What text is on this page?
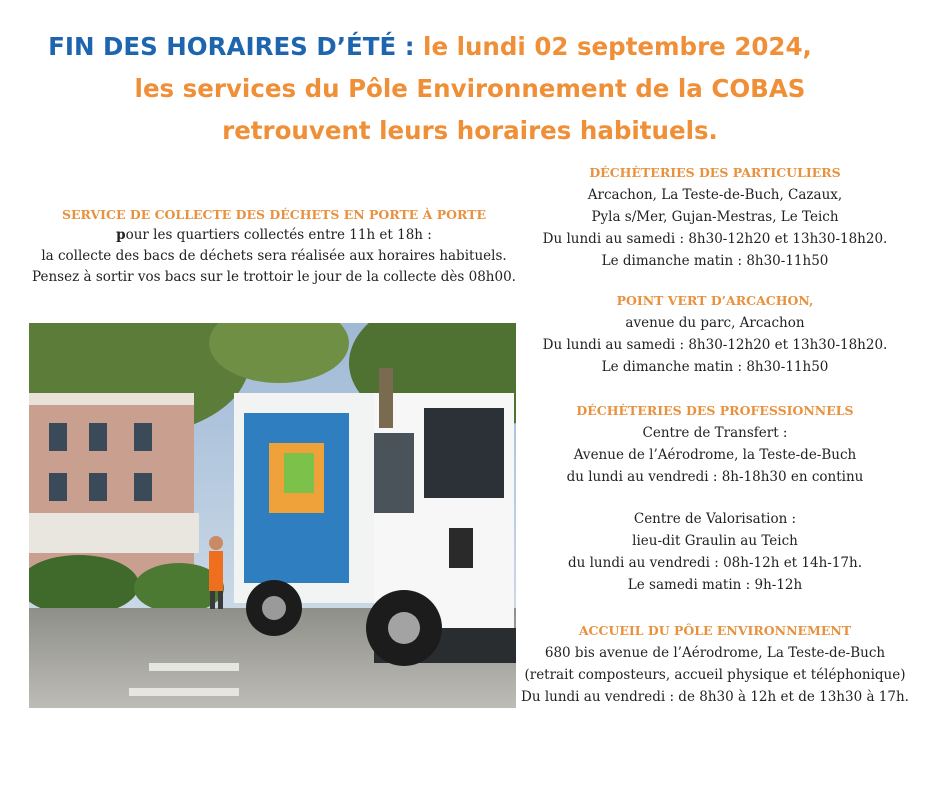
FIN DES HORAIRES D’ÉTÉ : le lundi 02 septembre 2024,
les services du Pôle Environnement de la COBAS
retrouvent leurs horaires habituels.
SERVICE DE COLLECTE DES DÉCHETS EN PORTE À PORTE
pour les quartiers collectés entre 11h et 18h :
la collecte des bacs de déchets sera réalisée aux horaires habituels.
Pensez à sortir vos bacs sur le trottoir le jour de la collecte dès 08h00.
DÉCHÈTERIES DES PARTICULIERS
Arcachon, La Teste-de-Buch, Cazaux,
Pyla s/Mer, Gujan-Mestras, Le Teich
Du lundi au samedi : 8h30-12h20 et 13h30-18h20.
Le dimanche matin : 8h30-11h50
POINT VERT D’ARCACHON,
avenue du parc, Arcachon
Du lundi au samedi : 8h30-12h20 et 13h30-18h20.
Le dimanche matin : 8h30-11h50
DÉCHÈTERIES DES PROFESSIONNELS
Centre de Transfert :
Avenue de l’Aérodrome, la Teste-de-Buch
du lundi au vendredi : 8h-18h30 en continu
Centre de Valorisation :
lieu-dit Graulin au Teich
du lundi au vendredi : 08h-12h et 14h-17h.
Le samedi matin : 9h-12h
ACCUEIL DU PÔLE ENVIRONNEMENT
680 bis avenue de l’Aérodrome, La Teste-de-Buch
(retrait composteurs, accueil physique et téléphonique)
Du lundi au vendredi : de 8h30 à 12h et de 13h30 à 17h.
